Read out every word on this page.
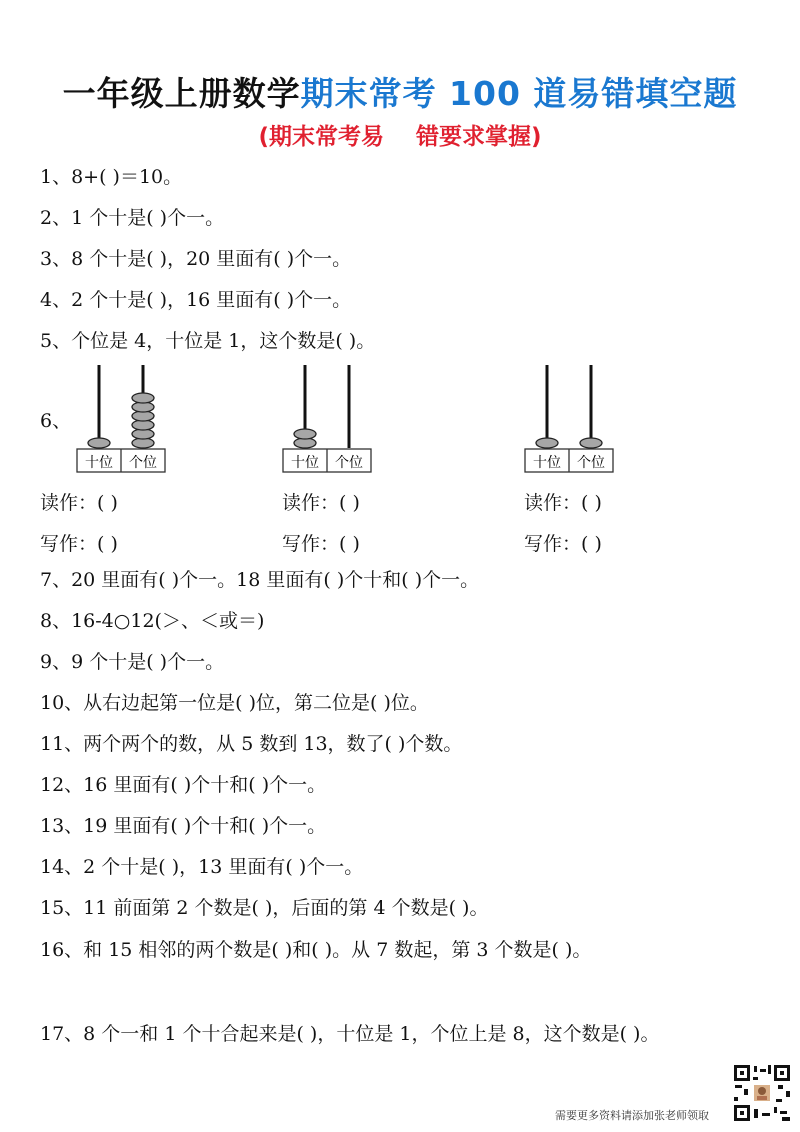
一年级上册数学期末常考 100 道易错填空题
(期末常考易 错要求掌握)
1、8+( )＝10。
2、1 个十是( )个一。
3、8 个十是( )，20 里面有( )个一。
4、2 个十是( )，16 里面有( )个一。
5、个位是 4，十位是 1，这个数是( )。
6、
十位 个位	十位 个位	十位 个位
读作：( )	读作：( )	读作：( )
写作：( )	写作：( )	写作：( )
7、20 里面有( )个一。18 里面有( )个十和( )个一。
8、16-4○12(＞、＜或＝)
9、9 个十是( )个一。
10、从右边起第一位是( )位，第二位是( )位。
11、两个两个的数，从 5 数到 13，数了( )个数。
12、16 里面有( )个十和( )个一。
13、19 里面有( )个十和( )个一。
14、2 个十是( )，13 里面有( )个一。
15、11 前面第 2 个数是( )，后面的第 4 个数是( )。
16、和 15 相邻的两个数是( )和( )。从 7 数起，第 3 个数是( )。
17、8 个一和 1 个十合起来是( )，十位是 1，个位上是 8，这个数是( )。
需要更多资料请添加张老师领取
